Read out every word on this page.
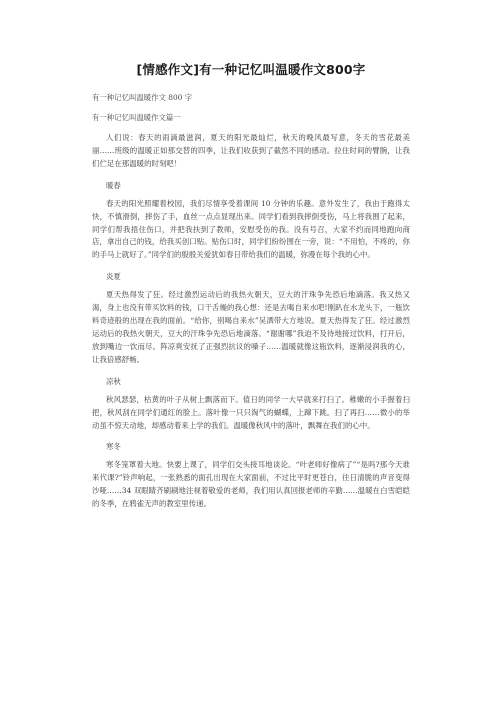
[情感作文]有一种记忆叫温暖作文800字
有一种记忆叫温暖作文 800 字
有一种记忆叫温暖作文篇一
人们说：春天的雨滴最滋润，夏天的阳光最灿烂，秋天的晚风最写意，冬天的雪花最美丽……班级的温暖正如那交替的四季，让我们收获到了截然不同的感动。拉住时间的臂腕，让我们伫足在那温暖的时刻吧！
暖春
春天的阳光照耀着校园，我们尽情享受着课间 10 分钟的乐趣。意外发生了，我由于跑得太快，不慎滑倒，摔伤了手，血丝一点点显现出来。同学们看到我摔倒受伤，马上将我围了起来，同学们帮我捂住伤口，并把我扶到了教师，安慰受伤的我。没有号召，大家不约而同地跑向商店，拿出自己的钱，给我买创口贴。贴伤口时，同学们纷纷围在一旁，说：“不用怕，不疼的，你的手马上就好了。”同学们的殷殷关爱犹如春日带给我们的温暖，弥漫在每个我的心中。
炎夏
夏天热得发了狂。经过激烈运动后的我热火朝天，豆大的汗珠争先恐后地滴落。我又热又渴，身上也没有带买饮料的钱，口干舌燥的我心想：还是去喝自来水吧!刚趴在水龙头下，一瓶饮料奇迹般的出现在我的面前。“给你，别喝自来水”吴洒带大方地说。夏天热得发了狂。经过激烈运动后的我热火朝天，豆大的汗珠争先恐后地滴落。“谢谢哪”我迫不及待地接过饮料，打开后，放到嘴边一饮而尽。阵凉爽安抚了正强烈抗议的嗓子……温暖就像这瓶饮料，逐渐浸润我的心，让我倍感舒畅。
凉秋
秋风瑟瑟，枯黄的叶子从树上飘落而下。值日的同学一大早就来打扫了。稚嫩的小手握着扫把，秋风刮在同学们通红的脸上。落叶像一只只淘气的蝴蝶，上蹿下跳。扫了再扫……微小的举动虽不惊天动地，却感动着来上学的我们。温暖像秋风中的落叶，飘舞在我们的心中。
寒冬
寒冬笼罩着大地。快要上课了，同学们交头接耳地谈论。“叶老师好像病了”“是吗?那今天谁来代课?”铃声响起，一张熟悉的面孔出现在大家面前，不过比平时更苍白，往日清脆的声音变得沙哑……34 双眼睛齐刷刷地注视着敬爱的老师，我们用认真回报老师的辛勤……温暖在白雪皑皑的冬季，在鸦雀无声的教室里传递。
